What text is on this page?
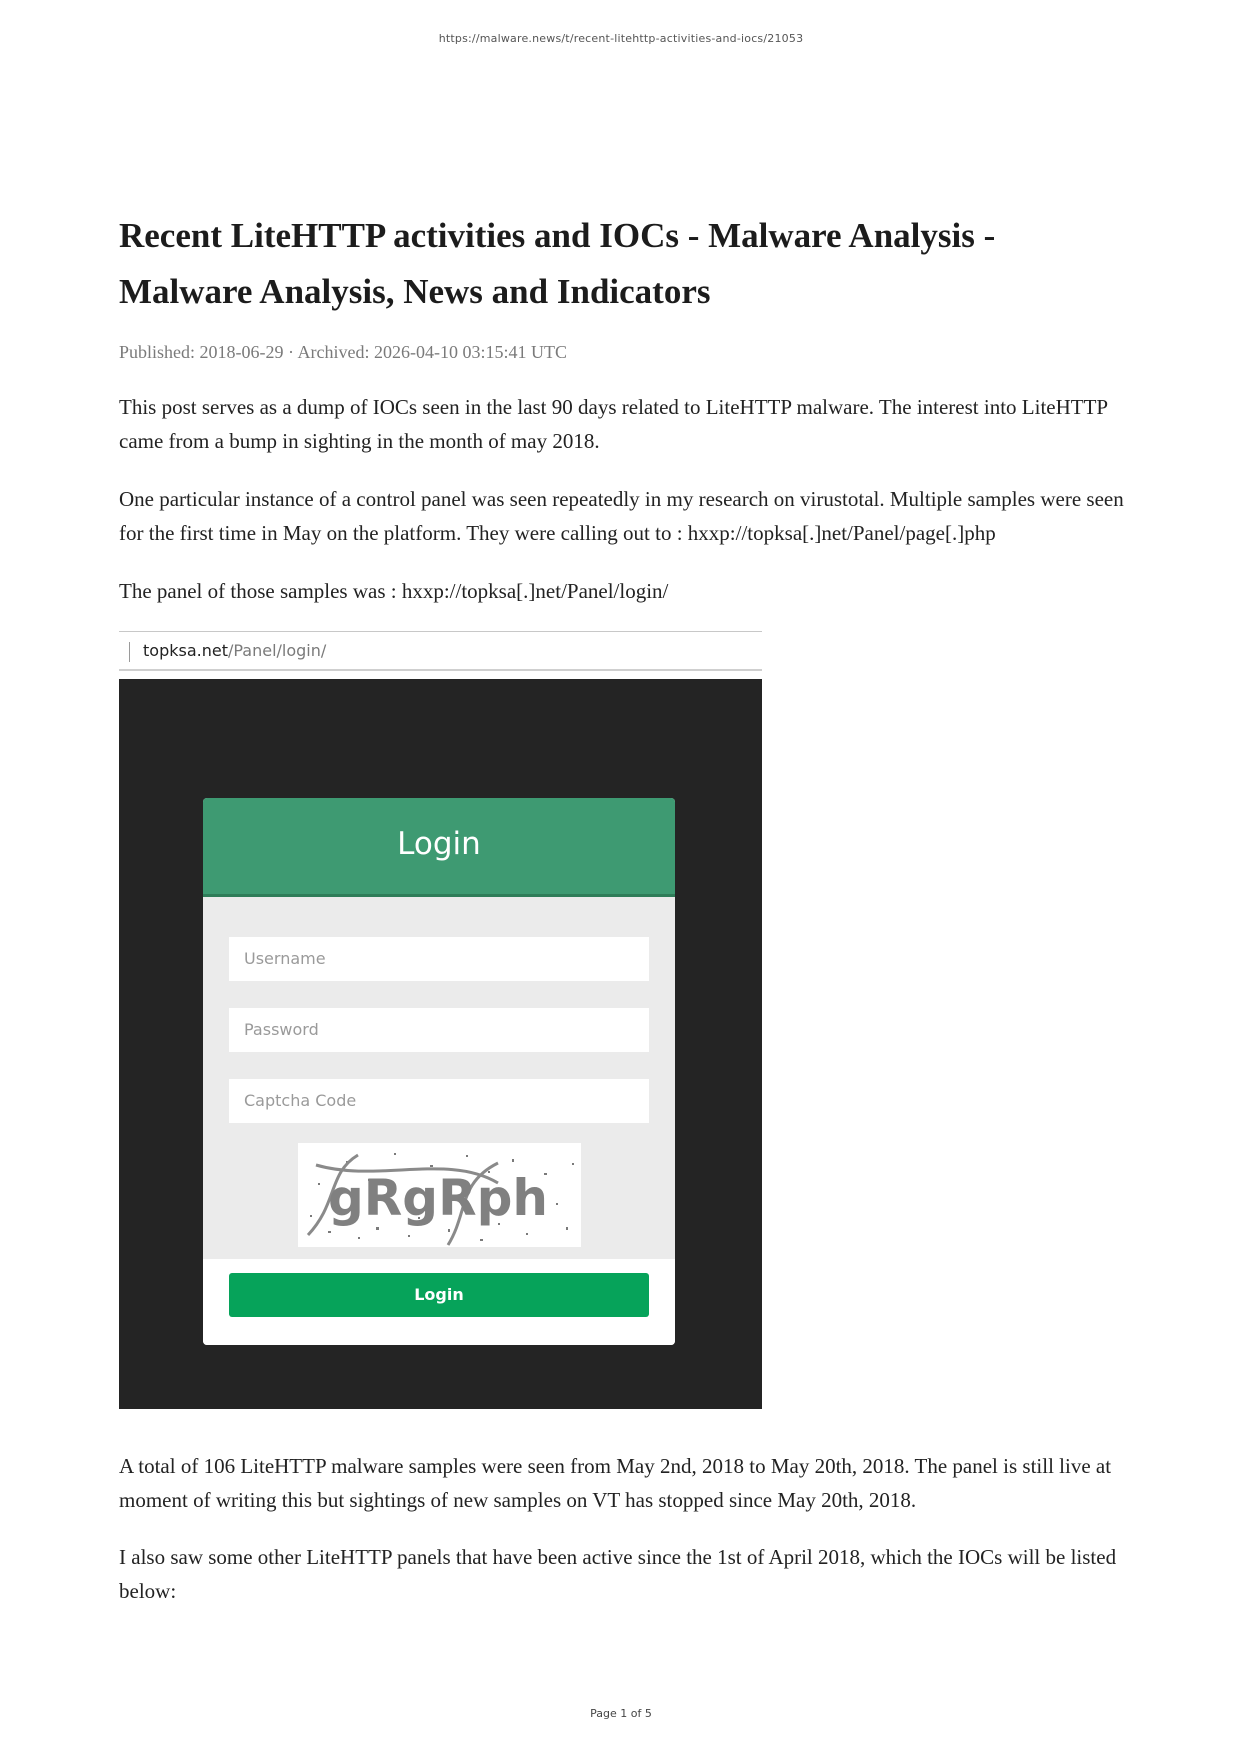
https://malware.news/t/recent-litehttp-activities-and-iocs/21053
Recent LiteHTTP activities and IOCs - Malware Analysis - Malware Analysis, News and Indicators
Published: 2018-06-29 · Archived: 2026-04-10 03:15:41 UTC

This post serves as a dump of IOCs seen in the last 90 days related to LiteHTTP malware. The interest into LiteHTTP came from a bump in sighting in the month of may 2018.

One particular instance of a control panel was seen repeatedly in my research on virustotal. Multiple samples were seen for the first time in May on the platform. They were calling out to : hxxp://topksa[.]net/Panel/page[.]php

The panel of those samples was : hxxp://topksa[.]net/Panel/login/

topksa.net/Panel/login/
Login
Username
Password
Captcha Code
gRgRph
Login

A total of 106 LiteHTTP malware samples were seen from May 2nd, 2018 to May 20th, 2018. The panel is still live at moment of writing this but sightings of new samples on VT has stopped since May 20th, 2018.

I also saw some other LiteHTTP panels that have been active since the 1st of April 2018, which the IOCs will be listed below:

Page 1 of 5
